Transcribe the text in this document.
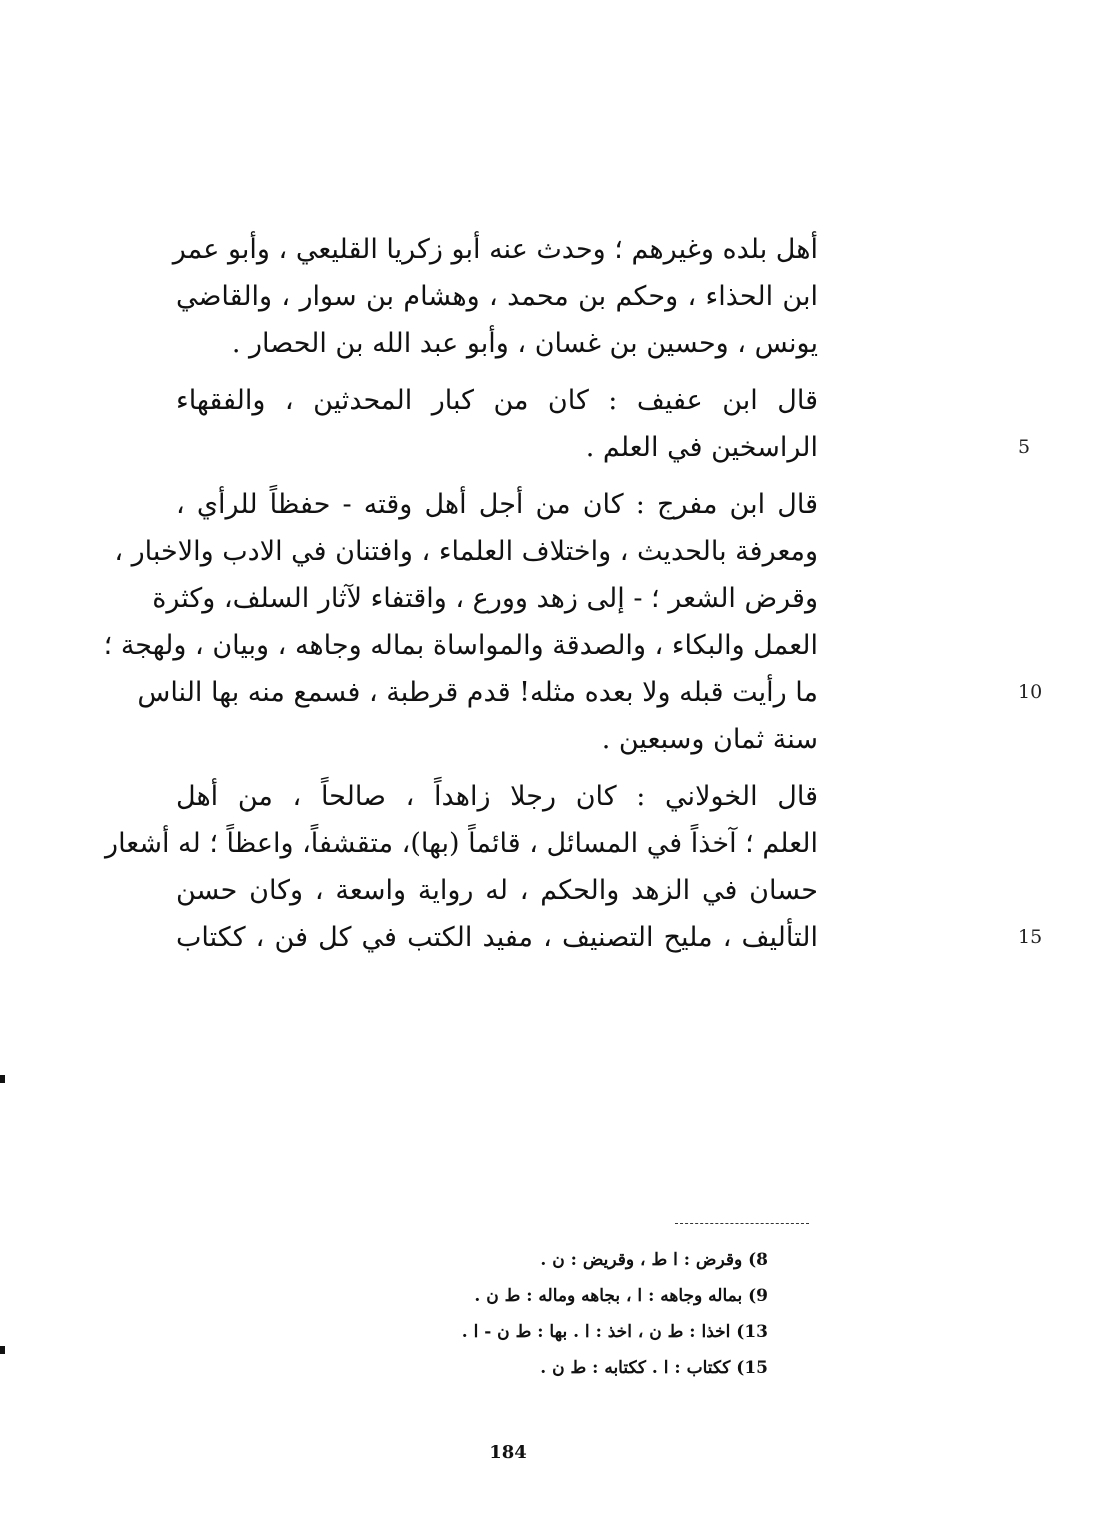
أهل بلده وغيرهم ؛ وحدث عنه أبو زكريا القليعي ، وأبو عمر
ابن الحذاء ، وحكم بن محمد ، وهشام بن سوار ، والقاضي
يونس ، وحسين بن غسان ، وأبو عبد الله بن الحصار .
قال ابن عفيف : كان من كبار المحدثين ، والفقهاء
الراسخين في العلم .	5
قال ابن مفرج : كان من أجل أهل وقته - حفظاً للرأي ،
ومعرفة بالحديث ، واختلاف العلماء ، وافتنان في الادب والاخبار ،
وقرض الشعر ؛ - إلى زهد وورع ، واقتفاء لآثار السلف، وكثرة
العمل والبكاء ، والصدقة والمواساة بماله وجاهه ، وبيان ، ولهجة ؛
ما رأيت قبله ولا بعده مثله! قدم قرطبة ، فسمع منه بها الناس	10
سنة ثمان وسبعين .
قال الخولاني : كان رجلا زاهداً ، صالحاً ، من أهل
العلم ؛ آخذاً في المسائل ، قائماً (بها)، متقشفاً، واعظاً ؛ له أشعار
حسان في الزهد والحكم ، له رواية واسعة ، وكان حسن
التأليف ، مليح التصنيف ، مفيد الكتب في كل فن ، ككتاب	15
8) وقرض : ا ط ، وقريض : ن .
9) بماله وجاهه : ا ، بجاهه وماله : ط ن .
13) اخذا : ط ن ، اخذ : ا . بها : ط ن - ا .
15) ككتاب : ا . ككتابه : ط ن .
184
